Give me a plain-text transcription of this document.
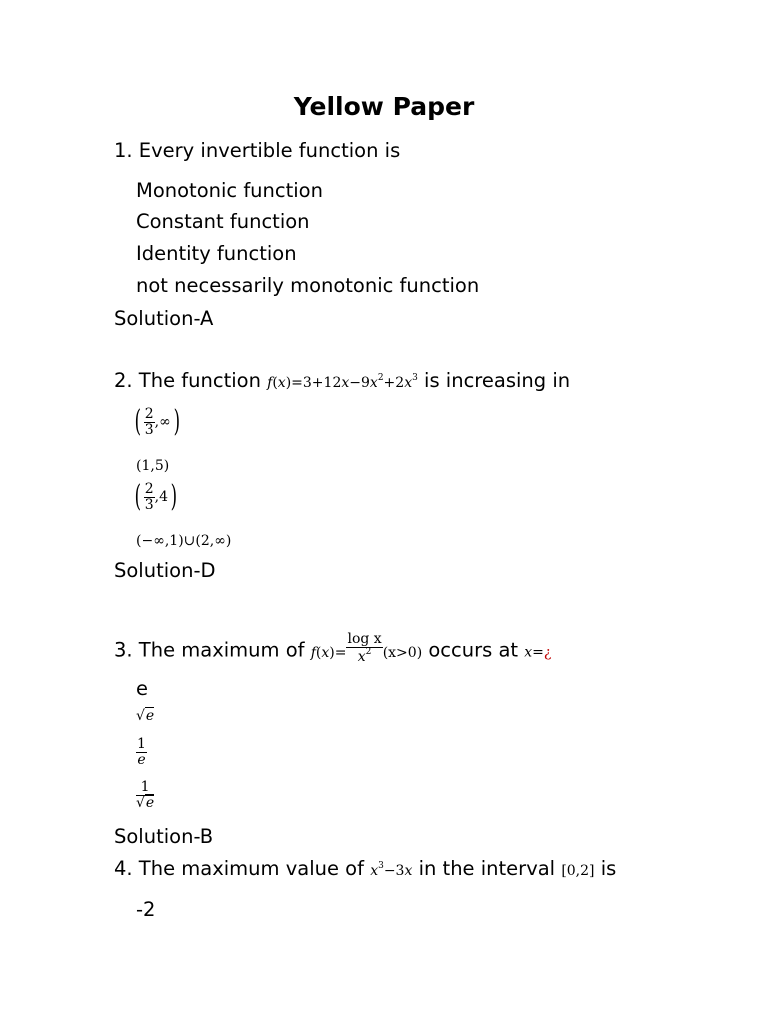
Yellow Paper
1. Every invertible function is
Monotonic function
Constant function
Identity function
not necessarily monotonic function
Solution-A
2. The function $f(x)=3+12x-9x^2+2x^3$ is increasing in
( $\frac{2}{3}$ ,∞)
(1,5)
( $\frac{2}{3} ,4$)
(−∞,1)∪(2,∞)
Solution-D
3. The maximum of $f(x)= \frac{\text{log x}}{x^2} (x>0)$ occurs at x=¿
e
√e
$\frac{1}{e}$
$\frac{1}{√e}$
Solution-B
4. The maximum value of $x^3-3x$ in the interval [0,2] is
-2
